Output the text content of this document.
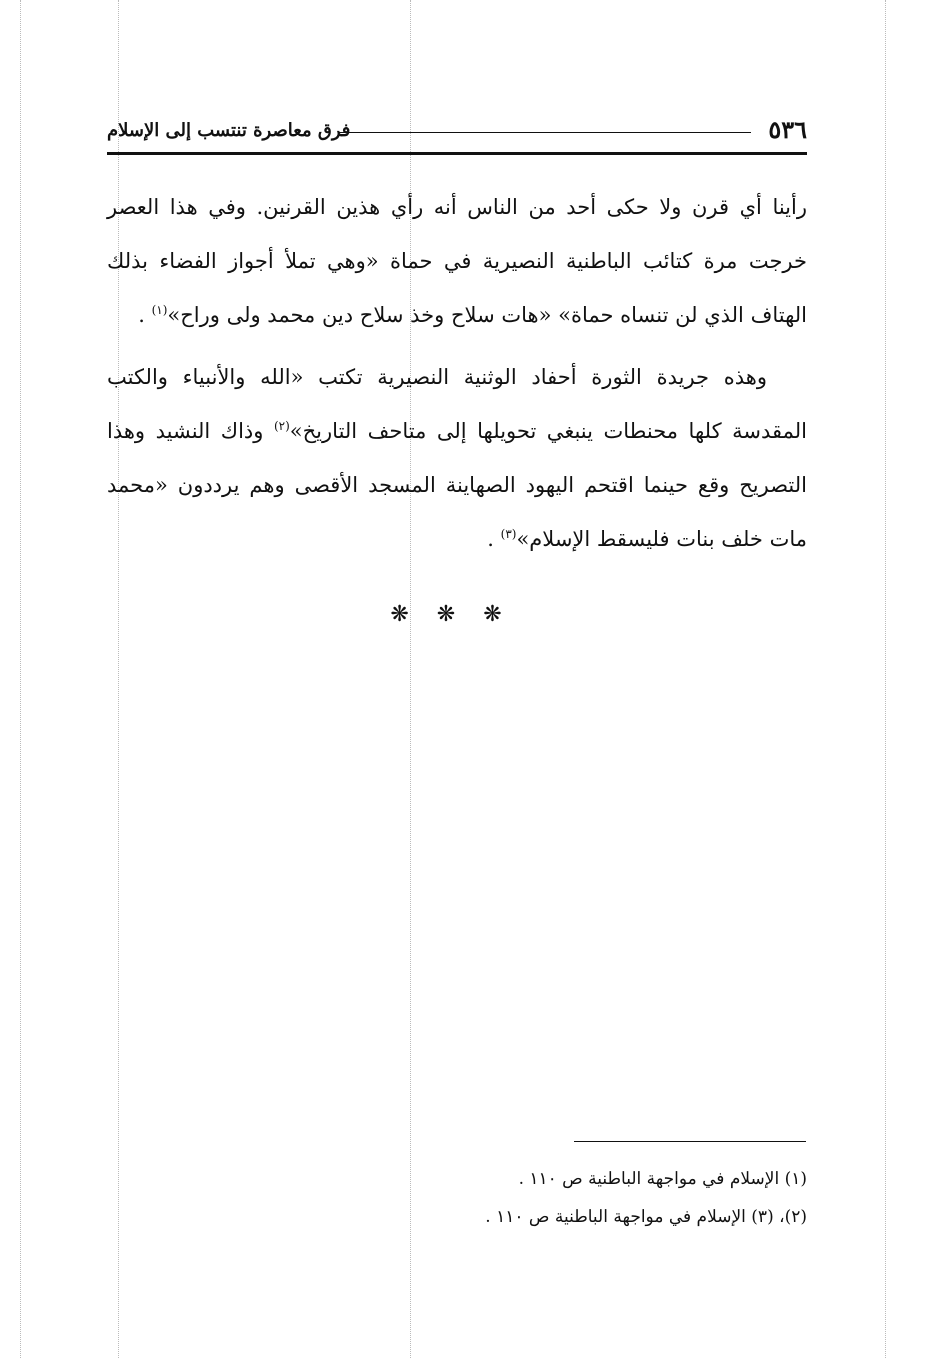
٥٣٦
فرق معاصرة تنتسب إلى الإسلام

رأينا أي قرن ولا حكى أحد من الناس أنه رأي هذين القرنين. وفي هذا العصر خرجت مرة كتائب الباطنية النصيرية في حماة «وهي تملأ أجواز الفضاء بذلك الهتاف الذي لن تنساه حماة» «هات سلاح وخذ سلاح دين محمد ولى وراح»$^{(١)}$ .

وهذه جريدة الثورة أحفاد الوثنية النصيرية تكتب «الله والأنبياء والكتب المقدسة كلها محنطات ينبغي تحويلها إلى متاحف التاريخ»$^{(٢)}$ وذاك النشيد وهذا التصريح وقع حينما اقتحم اليهود الصهاينة المسجد الأقصى وهم يرددون «محمد مات خلف بنات فليسقط الإسلام»$^{(٣)}$ .

❋❋❋

(١) الإسلام في مواجهة الباطنية ص ١١٠ .

(٢)، (٣) الإسلام في مواجهة الباطنية ص ١١٠ .
